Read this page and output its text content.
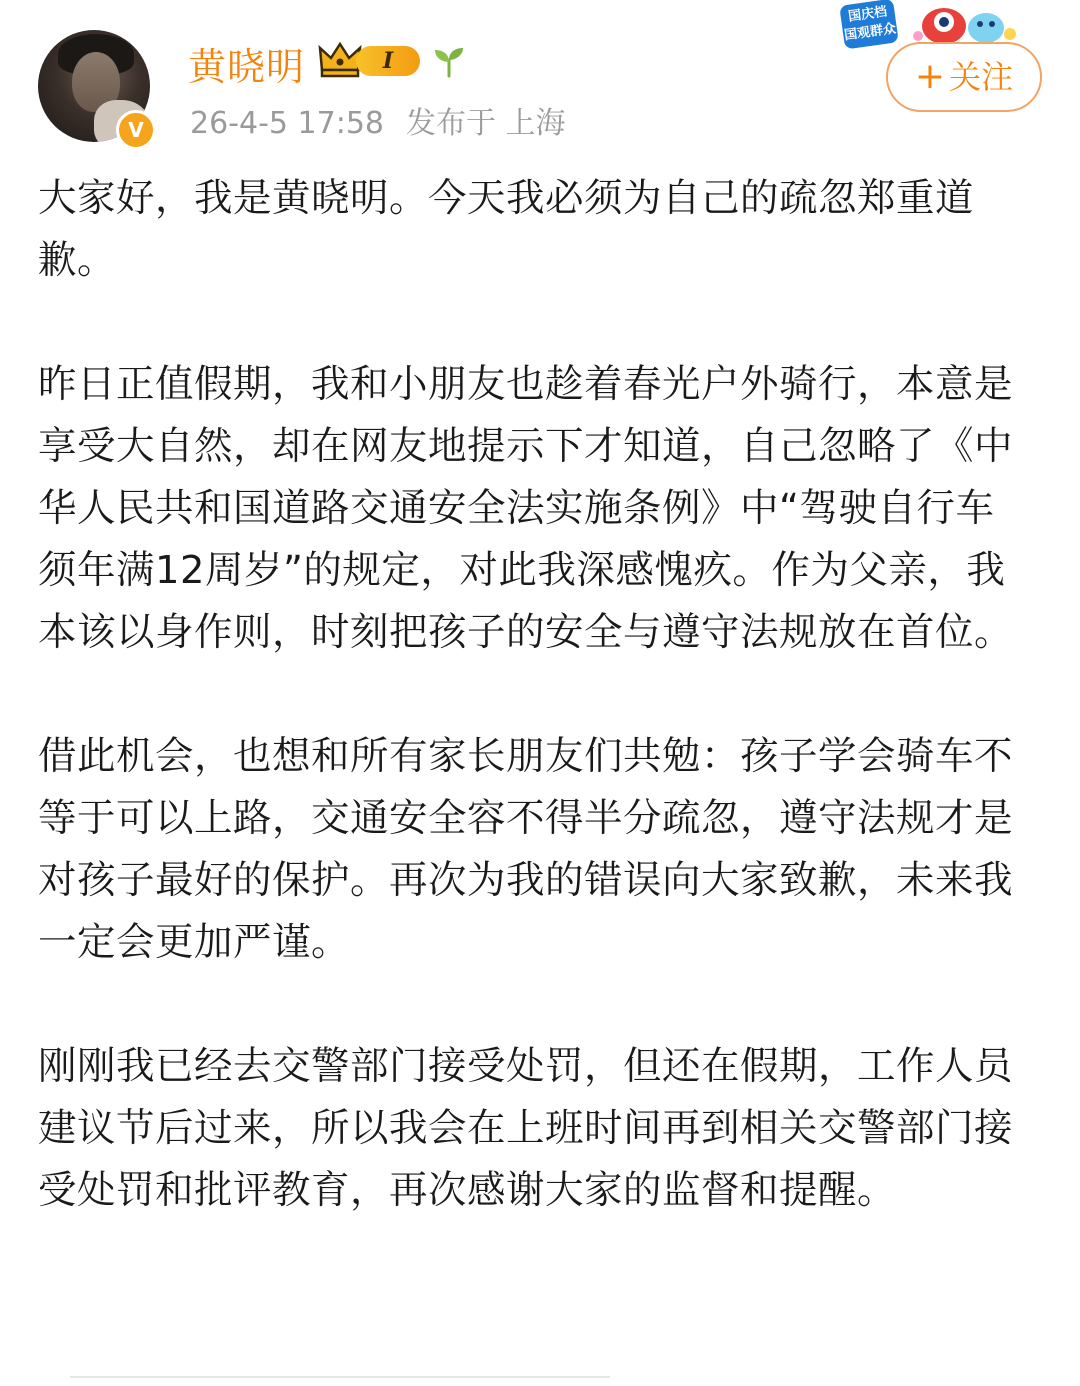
V
黄晓明	I
26-4-5 17:58 发布于 上海
国庆档
国观群众
+ 关注

大家好，我是黄晓明。今天我必须为自己的疏忽郑重道歉。

昨日正值假期，我和小朋友也趁着春光户外骑行，本意是享受大自然，却在网友地提示下才知道，自己忽略了《中华人民共和国道路交通安全法实施条例》中“驾驶自行车须年满12周岁”的规定，对此我深感愧疚。作为父亲，我本该以身作则，时刻把孩子的安全与遵守法规放在首位。

借此机会，也想和所有家长朋友们共勉：孩子学会骑车不等于可以上路，交通安全容不得半分疏忽，遵守法规才是对孩子最好的保护。再次为我的错误向大家致歉，未来我一定会更加严谨。

刚刚我已经去交警部门接受处罚，但还在假期，工作人员建议节后过来，所以我会在上班时间再到相关交警部门接受处罚和批评教育，再次感谢大家的监督和提醒。
